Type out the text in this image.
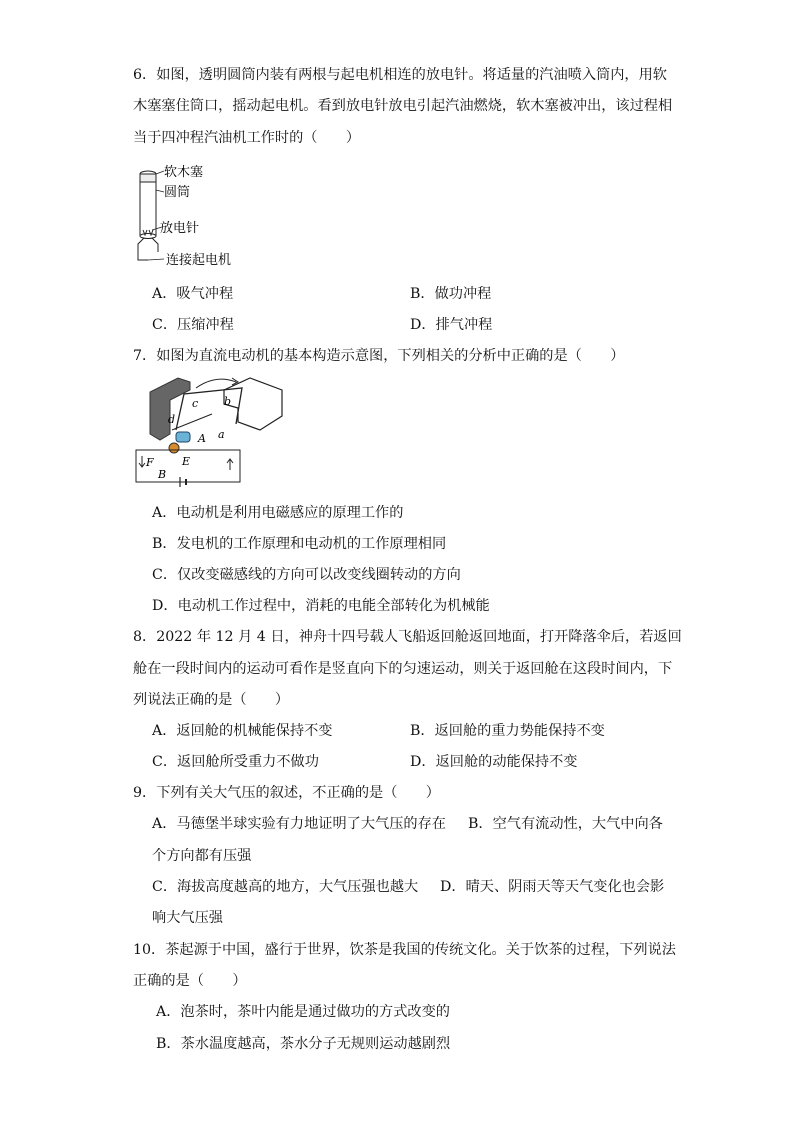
6．如图，透明圆筒内装有两根与起电机相连的放电针。将适量的汽油喷入筒内，用软
木塞塞住筒口，摇动起电机。看到放电针放电引起汽油燃烧，软木塞被冲出，该过程相
当于四冲程汽油机工作时的（　　）
软木塞
圆筒
放电针
连接起电机
A．吸气冲程	B．做功冲程
C．压缩冲程	D．排气冲程
7．如图为直流电动机的基本构造示意图，下列相关的分析中正确的是（　　）
c b
d
A a
F	E
B
A．电动机是利用电磁感应的原理工作的
B．发电机的工作原理和电动机的工作原理相同
C．仅改变磁感线的方向可以改变线圈转动的方向
D．电动机工作过程中，消耗的电能全部转化为机械能
8．2022 年 12 月 4 日，神舟十四号载人飞船返回舱返回地面，打开降落伞后，若返回
舱在一段时间内的运动可看作是竖直向下的匀速运动，则关于返回舱在这段时间内，下
列说法正确的是（　　）
A．返回舱的机械能保持不变	B．返回舱的重力势能保持不变
C．返回舱所受重力不做功	D．返回舱的动能保持不变
9．下列有关大气压的叙述，不正确的是（　　）
A．马德堡半球实验有力地证明了大气压的存在 B．空气有流动性，大气中向各
个方向都有压强
C．海拔高度越高的地方，大气压强也越大 D．晴天、阴雨天等天气变化也会影
响大气压强
10．茶起源于中国，盛行于世界，饮茶是我国的传统文化。关于饮茶的过程，下列说法
正确的是（　　）
A．泡茶时，茶叶内能是通过做功的方式改变的
B．茶水温度越高，茶水分子无规则运动越剧烈
